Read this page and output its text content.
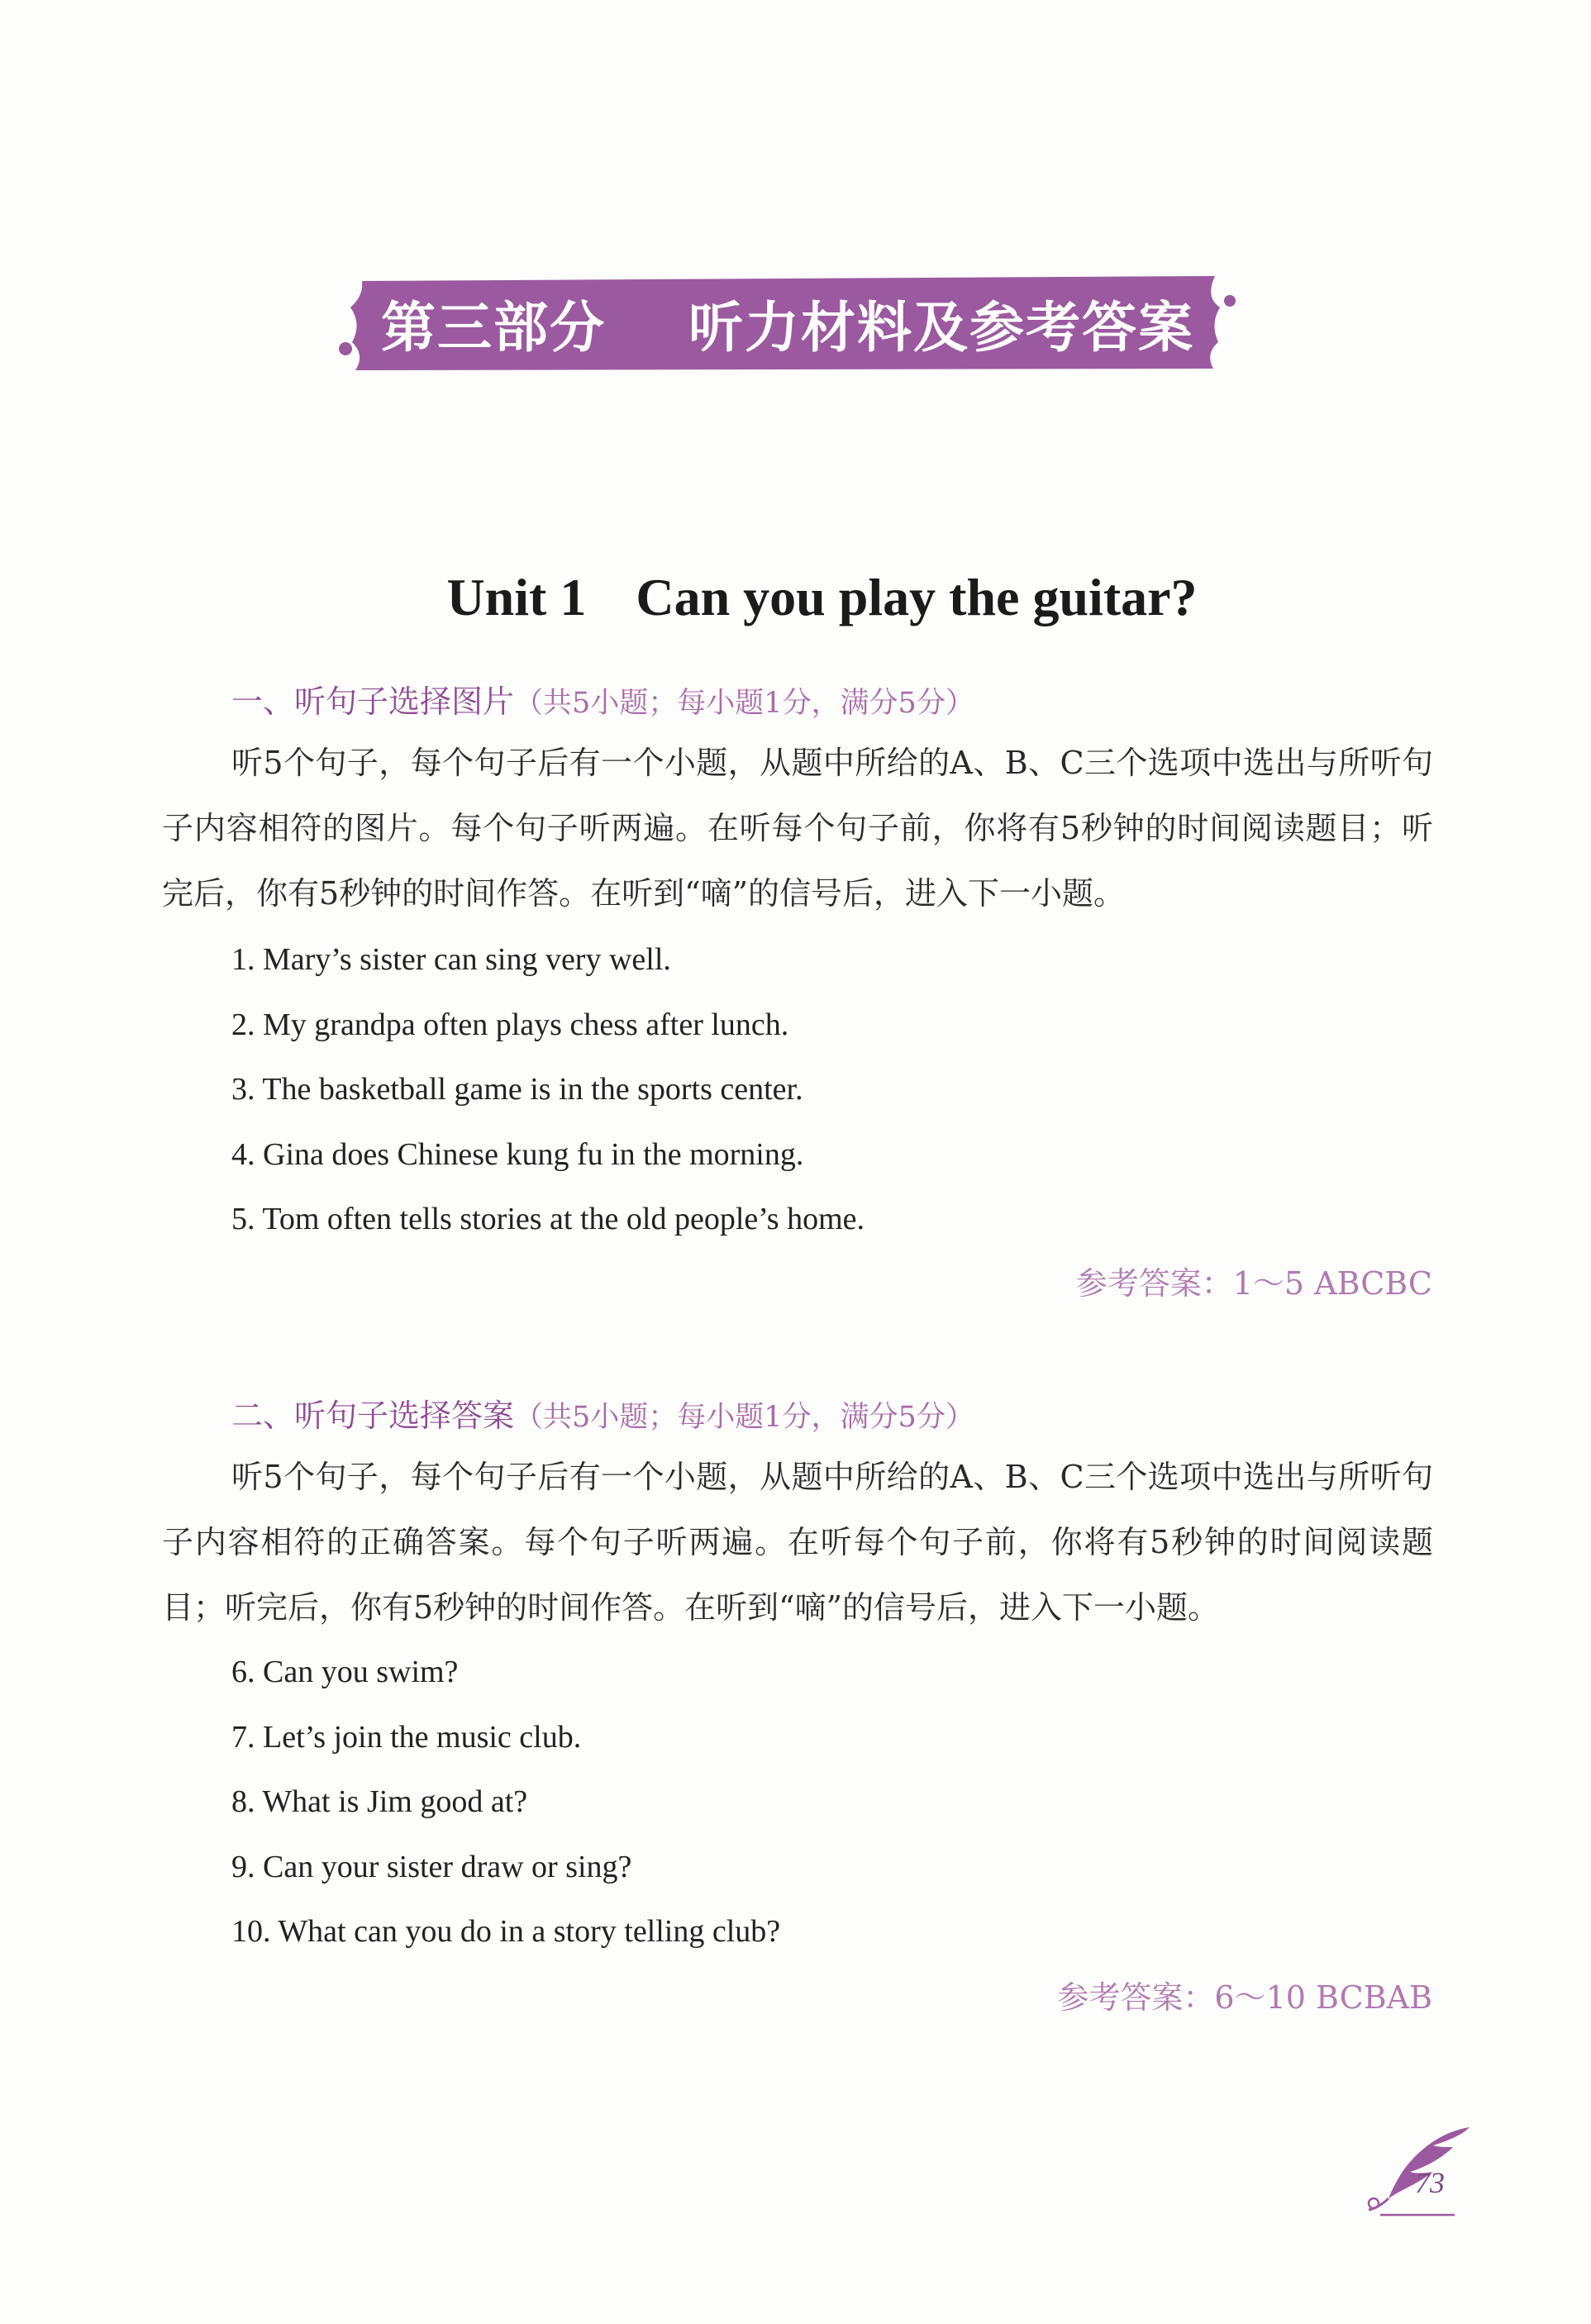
第三部分
听力材料及参考答案

Unit 1 Can you play the guitar?

一、听句子选择图片（共5小题；每小题1分，满分5分）
听5个句子，每个句子后有一个小题，从题中所给的A、B、C三个选项中选出与所听句子内容相符的图片。每个句子听两遍。在听每个句子前，你将有5秒钟的时间阅读题目；听完后，你有5秒钟的时间作答。在听到“嘀”的信号后，进入下一小题。
1. Mary’s sister can sing very well.
2. My grandpa often plays chess after lunch.
3. The basketball game is in the sports center.
4. Gina does Chinese kung fu in the morning.
5. Tom often tells stories at the old people’s home.
参考答案：1～5 ABCBC
二、听句子选择答案（共5小题；每小题1分，满分5分）
听5个句子，每个句子后有一个小题，从题中所给的A、B、C三个选项中选出与所听句子内容相符的正确答案。每个句子听两遍。在听每个句子前，你将有5秒钟的时间阅读题目；听完后，你有5秒钟的时间作答。在听到“嘀”的信号后，进入下一小题。
6. Can you swim?
7. Let’s join the music club.
8. What is Jim good at?
9. Can your sister draw or sing?
10. What can you do in a story telling club?
参考答案：6～10 BCBAB
73
